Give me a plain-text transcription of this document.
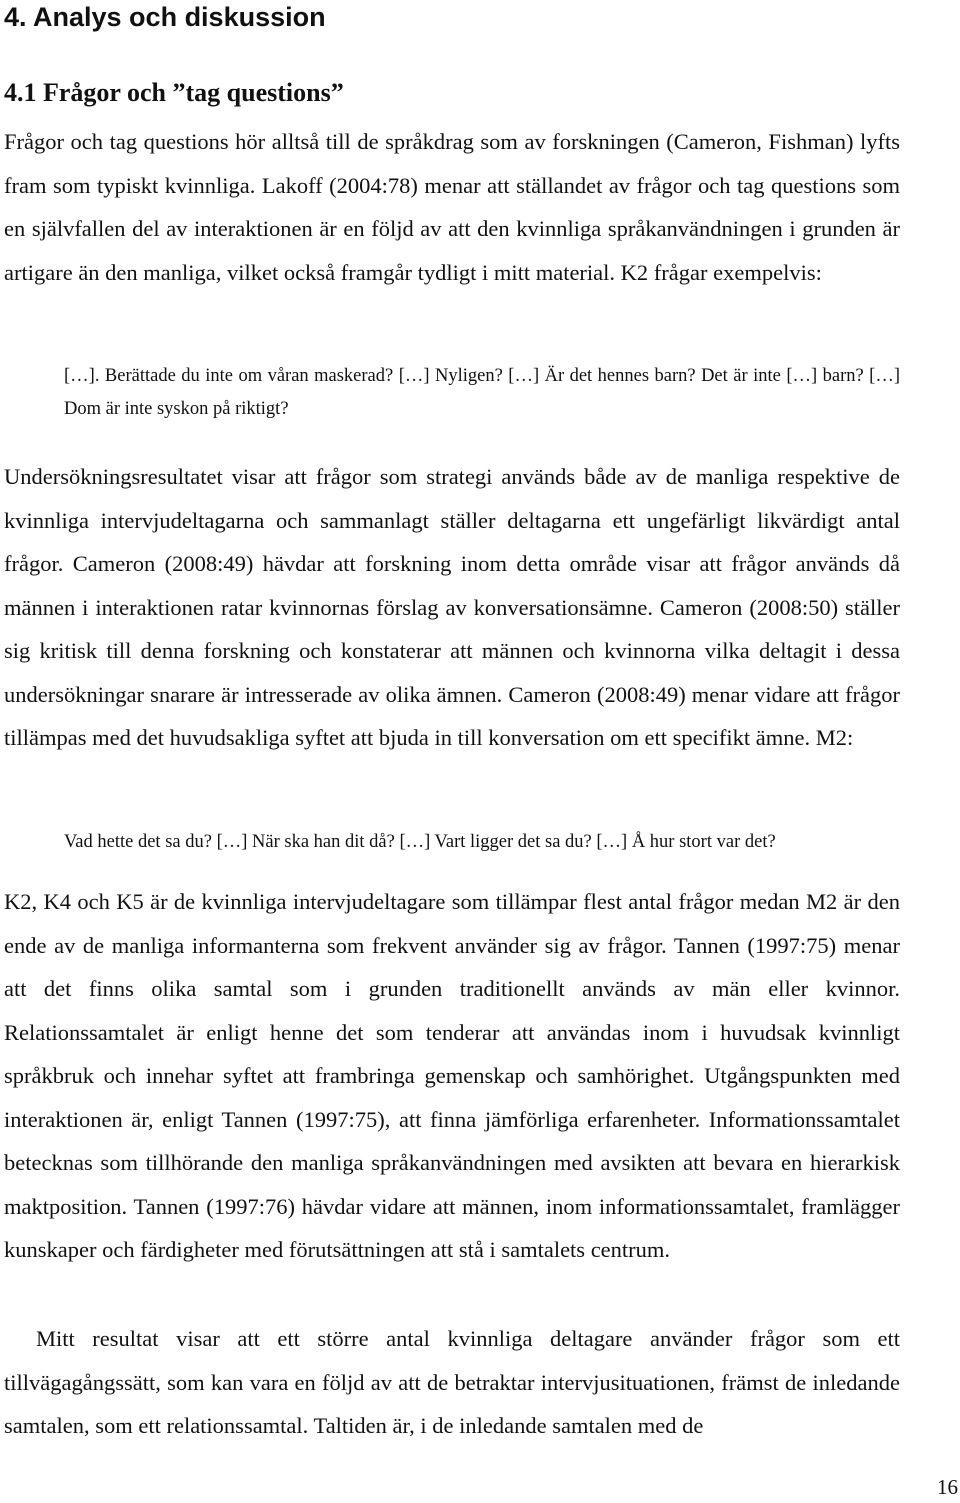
4. Analys och diskussion
4.1 Frågor och ”tag questions”

Frågor och tag questions hör alltså till de språkdrag som av forskningen (Cameron, Fishman) lyfts fram som typiskt kvinnliga. Lakoff (2004:78) menar att ställandet av frågor och tag questions som en självfallen del av interaktionen är en följd av att den kvinnliga språkanvändningen i grunden är artigare än den manliga, vilket också framgår tydligt i mitt material. K2 frågar exempelvis:

[…]. Berättade du inte om våran maskerad? […] Nyligen? […] Är det hennes barn? Det är inte […] barn? […] Dom är inte syskon på riktigt?

Undersökningsresultatet visar att frågor som strategi används både av de manliga respektive de kvinnliga intervjudeltagarna och sammanlagt ställer deltagarna ett ungefärligt likvärdigt antal frågor. Cameron (2008:49) hävdar att forskning inom detta område visar att frågor används då männen i interaktionen ratar kvinnornas förslag av konversationsämne. Cameron (2008:50) ställer sig kritisk till denna forskning och konstaterar att männen och kvinnorna vilka deltagit i dessa undersökningar snarare är intresserade av olika ämnen. Cameron (2008:49) menar vidare att frågor tillämpas med det huvudsakliga syftet att bjuda in till konversation om ett specifikt ämne. M2:

Vad hette det sa du? […] När ska han dit då? […] Vart ligger det sa du? […] Å hur stort var det?

K2, K4 och K5 är de kvinnliga intervjudeltagare som tillämpar flest antal frågor medan M2 är den ende av de manliga informanterna som frekvent använder sig av frågor. Tannen (1997:75) menar att det finns olika samtal som i grunden traditionellt används av män eller kvinnor. Relationssamtalet är enligt henne det som tenderar att användas inom i huvudsak kvinnligt språkbruk och innehar syftet att frambringa gemenskap och samhörighet. Utgångspunkten med interaktionen är, enligt Tannen (1997:75), att finna jämförliga erfarenheter. Informationssamtalet betecknas som tillhörande den manliga språkanvändningen med avsikten att bevara en hierarkisk maktposition. Tannen (1997:76) hävdar vidare att männen, inom informationssamtalet, framlägger kunskaper och färdigheter med förutsättningen att stå i samtalets centrum.

Mitt resultat visar att ett större antal kvinnliga deltagare använder frågor som ett tillvägagångssätt, som kan vara en följd av att de betraktar intervjusituationen, främst de inledande samtalen, som ett relationssamtal. Taltiden är, i de inledande samtalen med de

16
